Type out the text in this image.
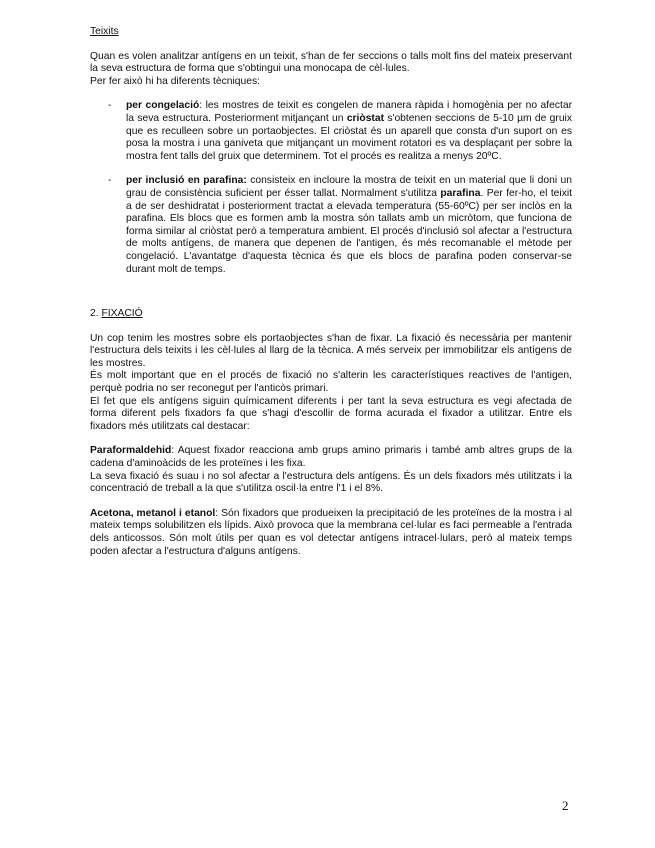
Teixits

Quan es volen analitzar antígens en un teixit, s'han de fer seccions o talls molt fins del mateix preservant la seva estructura de forma que s'obtingui una monocapa de cèl·lules.

Per fer això hi ha diferents tècniques:

-	per congelació: les mostres de teixit es congelen de manera ràpida i homogènia per no afectar la seva estructura. Posteriorment mitjançant un criòstat s'obtenen seccions de 5-10 µm de gruix que es reculleen sobre un portaobjectes. El criòstat és un aparell que consta d'un suport on es posa la mostra i una ganiveta que mitjançant un moviment rotatori es va desplaçant per sobre la mostra fent talls del gruix que determinem. Tot el procés es realitza a menys 20ºC.

-	per inclusió en parafina: consisteix en incloure la mostra de teixit en un material que li doni un grau de consistència suficient per ésser tallat. Normalment s'utilitza parafina. Per fer-ho, el teixit a de ser deshidratat i posteriorment tractat a elevada temperatura (55-60ºC) per ser inclòs en la parafina. Els blocs que es formen amb la mostra són tallats amb un micròtom, que funciona de forma similar al criòstat però a temperatura ambient. El procés d'inclusió sol afectar a l'estructura de molts antígens, de manera que depenen de l'antigen, és més recomanable el mètode per congelació. L'avantatge d'aquesta tècnica és que els blocs de parafina poden conservar-se durant molt de temps.

2. FIXACIÓ

Un cop tenim les mostres sobre els portaobjectes s'han de fixar. La fixació és necessària per mantenir l'estructura dels teixits i les cèl·lules al llarg de la tècnica. A més serveix per immobilitzar els antígens de les mostres.

És molt important que en el procés de fixació no s'alterin les característiques reactives de l'antigen, perquè podria no ser reconegut per l'anticòs primari.

El fet que els antígens siguin químicament diferents i per tant la seva estructura es vegi afectada de forma diferent pels fixadors fa que s'hagi d'escollir de forma acurada el fixador a utilitzar. Entre els fixadors més utilitzats cal destacar:

Paraformaldehid: Aquest fixador reacciona amb grups amino primaris i també amb altres grups de la cadena d'aminoàcids de les proteïnes i les fixa.

La seva fixació és suau i no sol afectar a l'estructura dels antígens. És un dels fixadors més utilitzats i la concentració de treball a la que s'utilitza oscil·la entre l'1 i el 8%.

Acetona, metanol i etanol: Són fixadors que produeixen la precipitació de les proteïnes de la mostra i al mateix temps solubilitzen els lípids. Això provoca que la membrana cel·lular es faci permeable a l'entrada dels anticossos. Són molt útils per quan es vol detectar antígens intracel·lulars, però al mateix temps poden afectar a l'estructura d'alguns antígens.

2
